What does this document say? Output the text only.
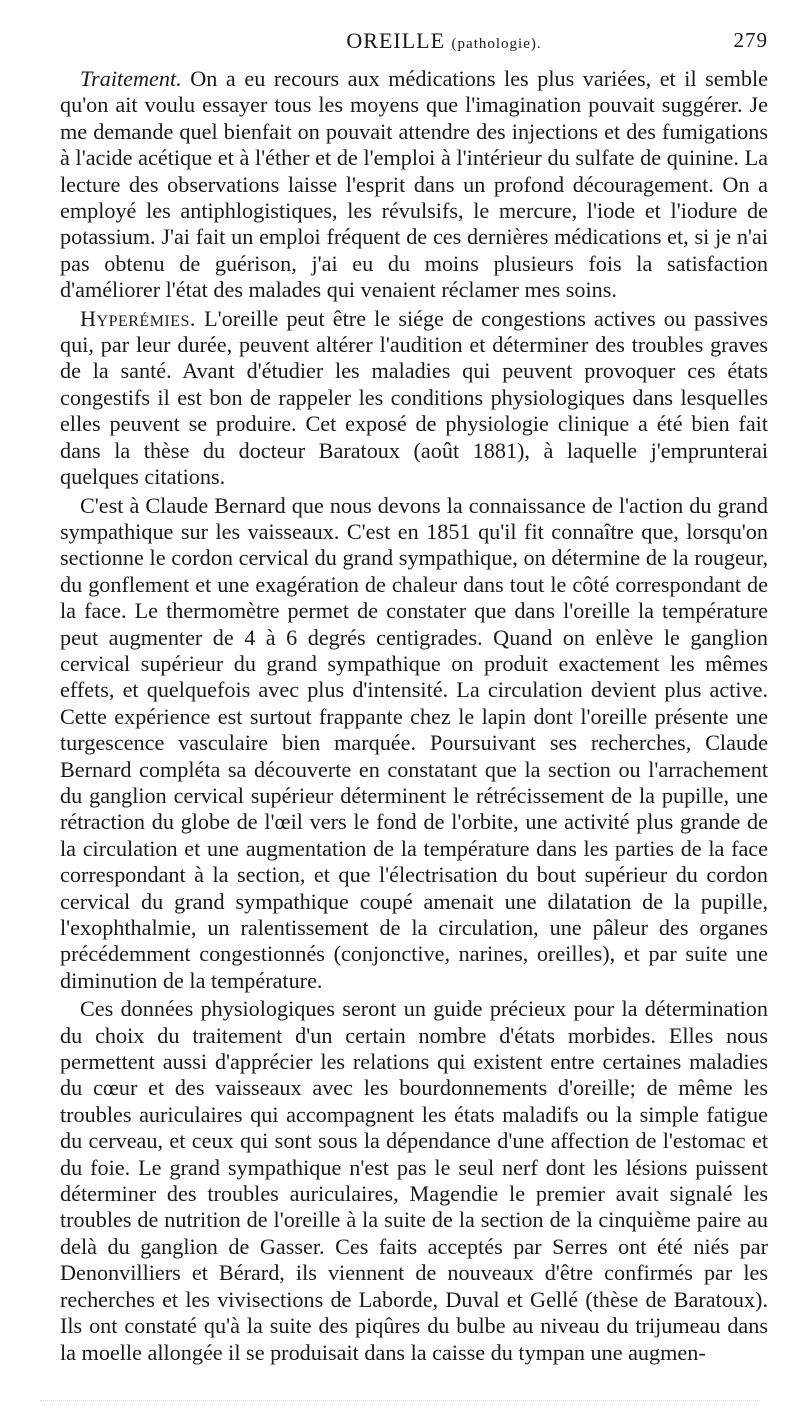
OREILLE (pathologie).	279

Traitement. On a eu recours aux médications les plus variées, et il semble qu'on ait voulu essayer tous les moyens que l'imagination pouvait suggérer. Je me demande quel bienfait on pouvait attendre des injections et des fumigations à l'acide acétique et à l'éther et de l'emploi à l'intérieur du sulfate de quinine. La lecture des observations laisse l'esprit dans un profond découragement. On a employé les antiphlogistiques, les révulsifs, le mercure, l'iode et l'iodure de potassium. J'ai fait un emploi fréquent de ces dernières médications et, si je n'ai pas obtenu de guérison, j'ai eu du moins plusieurs fois la satisfaction d'améliorer l'état des malades qui venaient réclamer mes soins.

Hyperémies. L'oreille peut être le siége de congestions actives ou passives qui, par leur durée, peuvent altérer l'audition et déterminer des troubles graves de la santé. Avant d'étudier les maladies qui peuvent provoquer ces états congestifs il est bon de rappeler les conditions physiologiques dans lesquelles elles peuvent se produire. Cet exposé de physiologie clinique a été bien fait dans la thèse du docteur Baratoux (août 1881), à laquelle j'emprunterai quelques citations.

C'est à Claude Bernard que nous devons la connaissance de l'action du grand sympathique sur les vaisseaux. C'est en 1851 qu'il fit connaître que, lorsqu'on sectionne le cordon cervical du grand sympathique, on détermine de la rougeur, du gonflement et une exagération de chaleur dans tout le côté correspondant de la face. Le thermomètre permet de constater que dans l'oreille la température peut augmenter de 4 à 6 degrés centigrades. Quand on enlève le ganglion cervical supérieur du grand sympathique on produit exactement les mêmes effets, et quelquefois avec plus d'intensité. La circulation devient plus active. Cette expérience est surtout frappante chez le lapin dont l'oreille présente une turgescence vasculaire bien marquée. Poursuivant ses recherches, Claude Bernard compléta sa découverte en constatant que la section ou l'arrachement du ganglion cervical supérieur déterminent le rétrécissement de la pupille, une rétraction du globe de l'œil vers le fond de l'orbite, une activité plus grande de la circulation et une augmentation de la température dans les parties de la face correspondant à la section, et que l'électrisation du bout supérieur du cordon cervical du grand sympathique coupé amenait une dilatation de la pupille, l'exophthalmie, un ralentissement de la circulation, une pâleur des organes précédemment congestionnés (conjonctive, narines, oreilles), et par suite une diminution de la température.

Ces données physiologiques seront un guide précieux pour la détermination du choix du traitement d'un certain nombre d'états morbides. Elles nous permettent aussi d'apprécier les relations qui existent entre certaines maladies du cœur et des vaisseaux avec les bourdonnements d'oreille; de même les troubles auriculaires qui accompagnent les états maladifs ou la simple fatigue du cerveau, et ceux qui sont sous la dépendance d'une affection de l'estomac et du foie. Le grand sympathique n'est pas le seul nerf dont les lésions puissent déterminer des troubles auriculaires, Magendie le premier avait signalé les troubles de nutrition de l'oreille à la suite de la section de la cinquième paire au delà du ganglion de Gasser. Ces faits acceptés par Serres ont été niés par Denonvilliers et Bérard, ils viennent de nouveaux d'être confirmés par les recherches et les vivisections de Laborde, Duval et Gellé (thèse de Baratoux). Ils ont constaté qu'à la suite des piqûres du bulbe au niveau du trijumeau dans la moelle allongée il se produisait dans la caisse du tympan une augmen-
